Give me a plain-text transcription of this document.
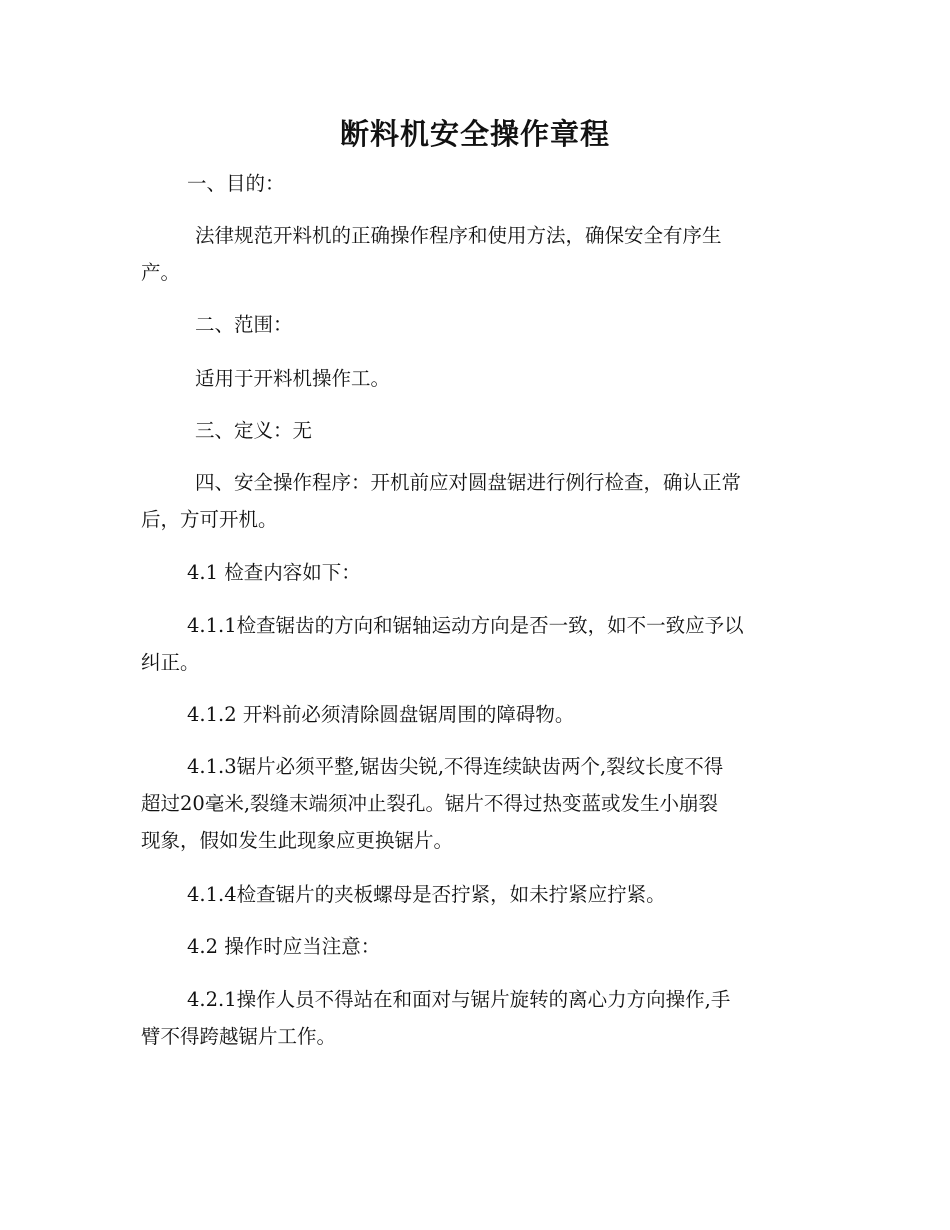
断料机安全操作章程
一、目的：
法律规范开料机的正确操作程序和使用方法，确保安全有序生
产。
二、范围：
适用于开料机操作工。
三、定义：无
四、安全操作程序：开机前应对圆盘锯进行例行检查，确认正常
后，方可开机。
4.1 检查内容如下：
4.1.1检查锯齿的方向和锯轴运动方向是否一致，如不一致应予以
纠正。
4.1.2 开料前必须清除圆盘锯周围的障碍物。
4.1.3锯片必须平整,锯齿尖锐,不得连续缺齿两个,裂纹长度不得
超过20毫米,裂缝末端须冲止裂孔。锯片不得过热变蓝或发生小崩裂
现象，假如发生此现象应更换锯片。
4.1.4检查锯片的夹板螺母是否拧紧，如未拧紧应拧紧。
4.2 操作时应当注意：
4.2.1操作人员不得站在和面对与锯片旋转的离心力方向操作,手
臂不得跨越锯片工作。
